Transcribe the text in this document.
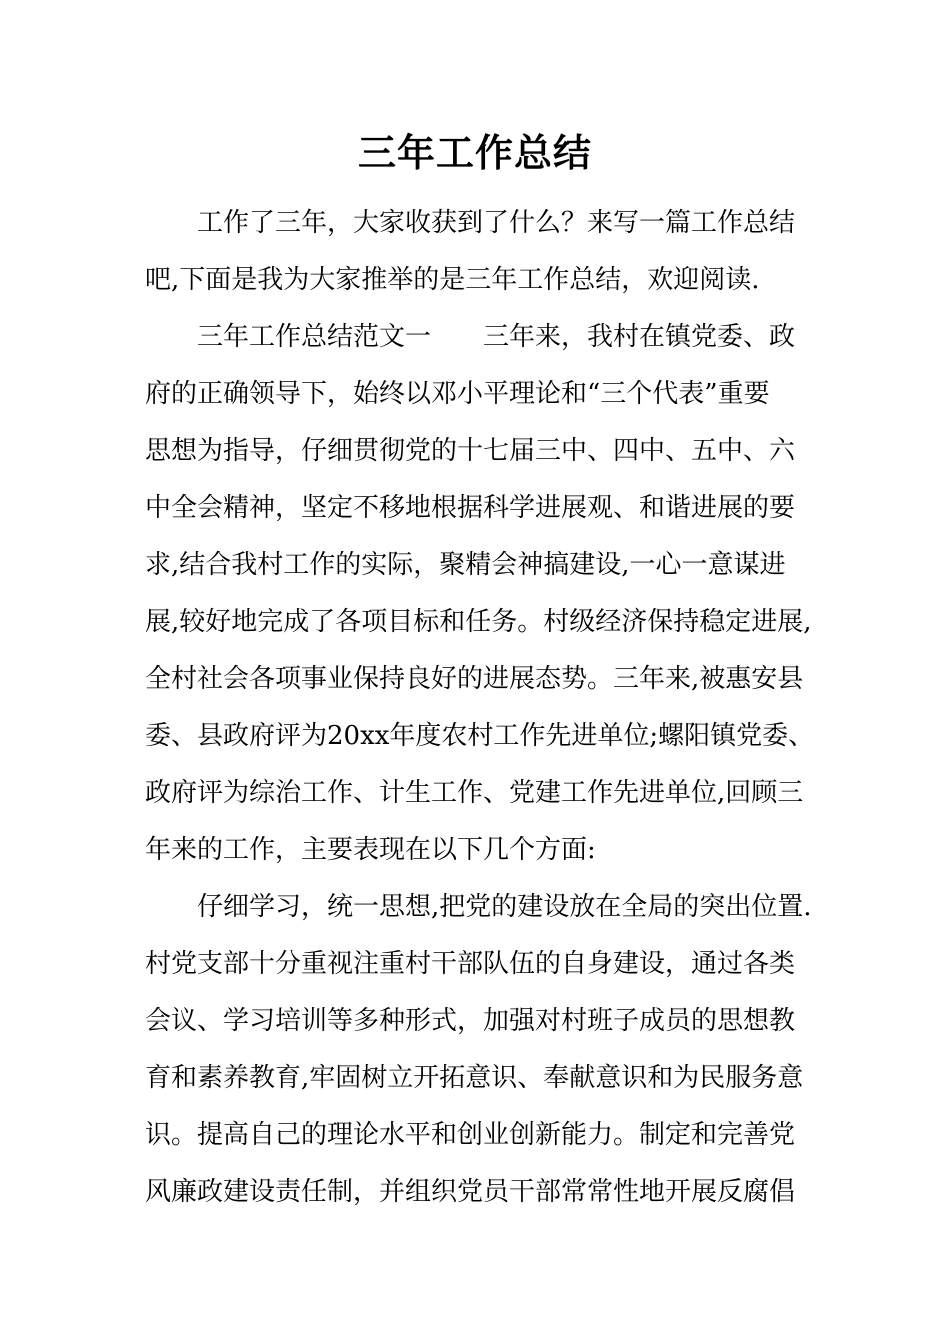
三年工作总结
工作了三年，大家收获到了什么？来写一篇工作总结
吧,下面是我为大家推举的是三年工作总结，欢迎阅读.
三年工作总结范文一　　三年来，我村在镇党委、政
府的正确领导下，始终以邓小平理论和“三个代表”重要
思想为指导，仔细贯彻党的十七届三中、四中、五中、六
中全会精神，坚定不移地根据科学进展观、和谐进展的要
求,结合我村工作的实际，聚精会神搞建设,一心一意谋进
展,较好地完成了各项目标和任务。村级经济保持稳定进展,
全村社会各项事业保持良好的进展态势。三年来,被惠安县
委、县政府评为20xx年度农村工作先进单位;螺阳镇党委、
政府评为综治工作、计生工作、党建工作先进单位,回顾三
年来的工作，主要表现在以下几个方面:
仔细学习，统一思想,把党的建设放在全局的突出位置.
村党支部十分重视注重村干部队伍的自身建设，通过各类
会议、学习培训等多种形式，加强对村班子成员的思想教
育和素养教育,牢固树立开拓意识、奉献意识和为民服务意
识。提高自己的理论水平和创业创新能力。制定和完善党
风廉政建设责任制，并组织党员干部常常性地开展反腐倡
